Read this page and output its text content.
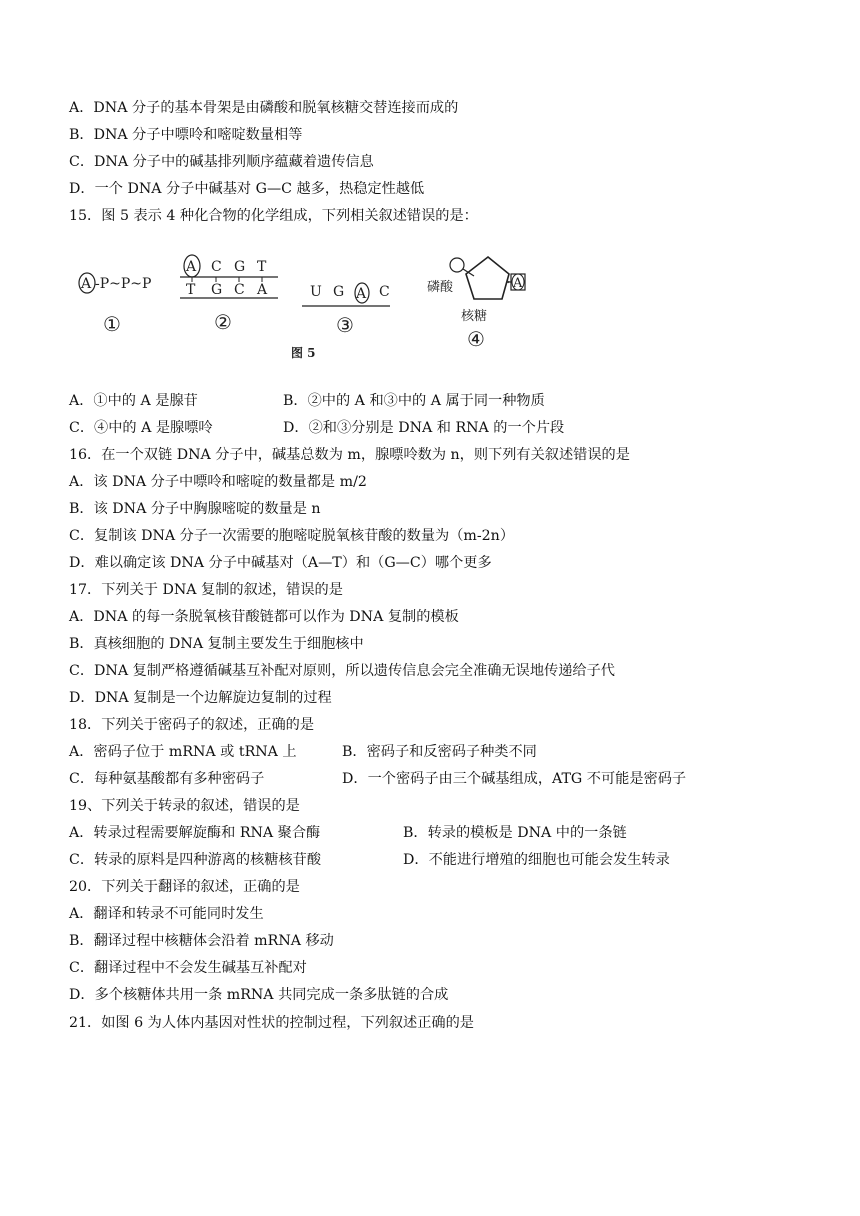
A．DNA 分子的基本骨架是由磷酸和脱氧核糖交替连接而成的
B．DNA 分子中嘌呤和嘧啶数量相等
C．DNA 分子中的碱基排列顺序蕴藏着遗传信息
D．一个 DNA 分子中碱基对 G—C 越多，热稳定性越低
15．图 5 表示 4 种化合物的化学组成，下列相关叙述错误的是：
A -P~P~P
①
A C G T
T G C A
②
U G A C
③
磷酸	A
核糖
④
图 5
A．①中的 A 是腺苷	B．②中的 A 和③中的 A 属于同一种物质
C．④中的 A 是腺嘌呤	D．②和③分别是 DNA 和 RNA 的一个片段
16．在一个双链 DNA 分子中，碱基总数为 m，腺嘌呤数为 n，则下列有关叙述错误的是
A．该 DNA 分子中嘌呤和嘧啶的数量都是 m/2
B．该 DNA 分子中胸腺嘧啶的数量是 n
C．复制该 DNA 分子一次需要的胞嘧啶脱氧核苷酸的数量为（m-2n）
D．难以确定该 DNA 分子中碱基对（A—T）和（G—C）哪个更多
17．下列关于 DNA 复制的叙述，错误的是
A．DNA 的每一条脱氧核苷酸链都可以作为 DNA 复制的模板
B．真核细胞的 DNA 复制主要发生于细胞核中
C．DNA 复制严格遵循碱基互补配对原则，所以遗传信息会完全准确无误地传递给子代
D．DNA 复制是一个边解旋边复制的过程
18．下列关于密码子的叙述，正确的是
A．密码子位于 mRNA 或 tRNA 上	B．密码子和反密码子种类不同
C．每种氨基酸都有多种密码子	D．一个密码子由三个碱基组成，ATG 不可能是密码子
19、下列关于转录的叙述，错误的是
A．转录过程需要解旋酶和 RNA 聚合酶	B．转录的模板是 DNA 中的一条链
C．转录的原料是四种游离的核糖核苷酸	D．不能进行增殖的细胞也可能会发生转录
20．下列关于翻译的叙述，正确的是
A．翻译和转录不可能同时发生
B．翻译过程中核糖体会沿着 mRNA 移动
C．翻译过程中不会发生碱基互补配对
D．多个核糖体共用一条 mRNA 共同完成一条多肽链的合成
21．如图 6 为人体内基因对性状的控制过程，下列叙述正确的是
